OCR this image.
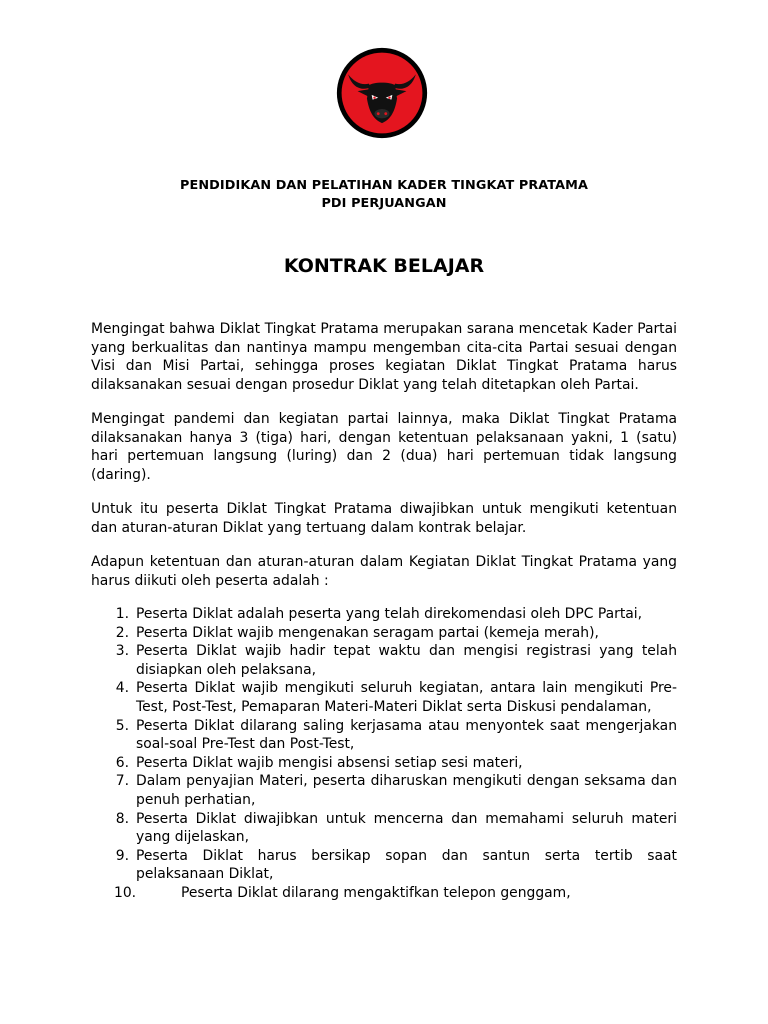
PENDIDIKAN DAN PELATIHAN KADER TINGKAT PRATAMA
PDI PERJUANGAN
KONTRAK BELAJAR

Mengingat bahwa Diklat Tingkat Pratama merupakan sarana mencetak Kader Partai yang berkualitas dan nantinya mampu mengemban cita-cita Partai sesuai dengan Visi dan Misi Partai, sehingga proses kegiatan Diklat Tingkat Pratama harus dilaksanakan sesuai dengan prosedur Diklat yang telah ditetapkan oleh Partai.

Mengingat pandemi dan kegiatan partai lainnya, maka Diklat Tingkat Pratama dilaksanakan hanya 3 (tiga) hari, dengan ketentuan pelaksanaan yakni, 1 (satu) hari pertemuan langsung (luring) dan 2 (dua) hari pertemuan tidak langsung (daring).

Untuk itu peserta Diklat Tingkat Pratama diwajibkan untuk mengikuti ketentuan dan aturan-aturan Diklat yang tertuang dalam kontrak belajar.

Adapun ketentuan dan aturan-aturan dalam Kegiatan Diklat Tingkat Pratama yang harus diikuti oleh peserta adalah :

1. Peserta Diklat adalah peserta yang telah direkomendasi oleh DPC Partai,
2. Peserta Diklat wajib mengenakan seragam partai (kemeja merah),
3. Peserta Diklat wajib hadir tepat waktu dan mengisi registrasi yang telah disiapkan oleh pelaksana,
4. Peserta Diklat wajib mengikuti seluruh kegiatan, antara lain mengikuti Pre-Test, Post-Test, Pemaparan Materi-Materi Diklat serta Diskusi pendalaman,
5. Peserta Diklat dilarang saling kerjasama atau menyontek saat mengerjakan soal-soal Pre-Test dan Post-Test,
6. Peserta Diklat wajib mengisi absensi setiap sesi materi,
7. Dalam penyajian Materi, peserta diharuskan mengikuti dengan seksama dan penuh perhatian,
8. Peserta Diklat diwajibkan untuk mencerna dan memahami seluruh materi yang dijelaskan,
9. Peserta Diklat harus bersikap sopan dan santun serta tertib saat pelaksanaan Diklat,
10.	Peserta Diklat dilarang mengaktifkan telepon genggam,
